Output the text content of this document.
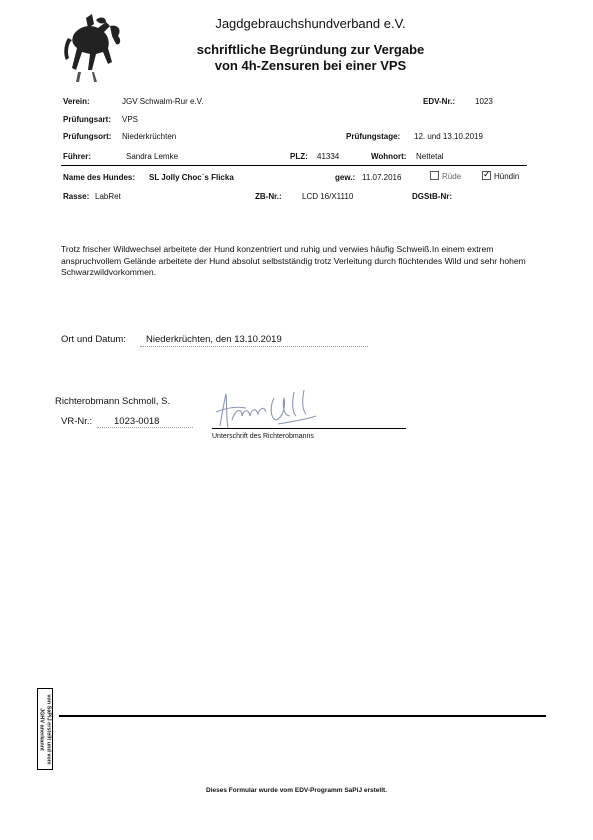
Jagdgebrauchshundverband e.V.
schriftliche Begründung zur Vergabe
von 4h-Zensuren bei einer VPS
Verein:	JGV Schwalm-Rur e.V.	EDV-Nr.: 1023
Prüfungsart: VPS
Prüfungsort: Niederkrüchten	Prüfungstage: 12. und 13.10.2019
Führer:	Sandra Lemke	PLZ: 41334	Wohnort: Nettetal
Name des Hundes: SL Jolly Choc´s Flicka	gew.: 11.07.2016	Rüde
✓	Hündin
Rasse: LabRet	ZB-Nr.:	LCD 16/X1110	DGStB-Nr:
Trotz frischer Wildwechsel arbeitete der Hund konzentriert und ruhig und verwies häufig Schweiß.In einem extrem anspruchvollem Gelände arbeitete der Hund absolut selbstständig trotz Verleitung durch flüchtendes Wild und sehr hohem Schwarzwildvorkommen.
Ort und Datum: Niederkrüchten, den 13.10.2019
Richterobmann Schmoll, S.
VR-Nr.: 1023-0018
Unterschrift des Richterobmanns
von SaPiJ erstellt und vom JGHV anerkannt
Dieses Formular wurde vom EDV-Programm SaPiJ erstellt.
